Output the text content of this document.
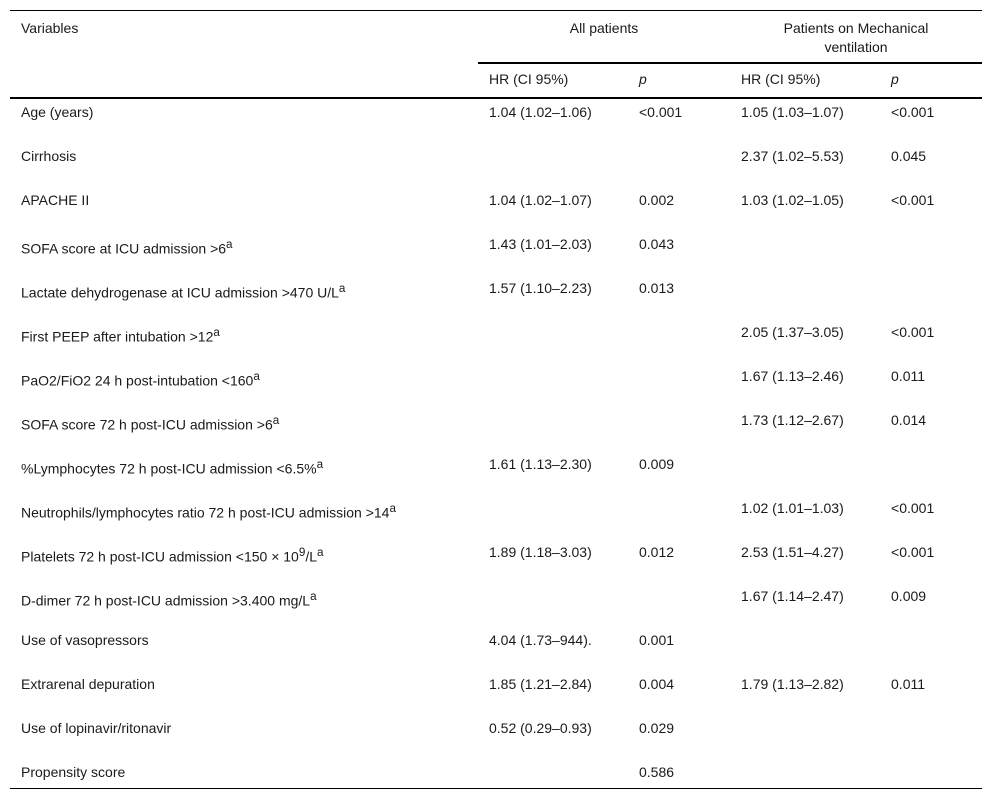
Variables	All patients		Patients on Mechanical ventilation	
	HR (CI 95%)	p	HR (CI 95%)	p
Age (years)	1.04 (1.02–1.06)	<0.001	1.05 (1.03–1.07)	<0.001
Cirrhosis			2.37 (1.02–5.53)	0.045
APACHE II	1.04 (1.02–1.07)	0.002	1.03 (1.02–1.05)	<0.001
SOFA score at ICU admission $>6^a$	1.43 (1.01–2.03)	0.043		
Lactate dehydrogenase at ICU admission >470 $U/L^a$	1.57 (1.10–2.23)	0.013		
First PEEP after intubation $>12^a$			2.05 (1.37–3.05)	<0.001
PaO2/FiO2 24 h post-intubation $<160^a$			1.67 (1.13–2.46)	0.011
SOFA score 72 h post-ICU admission $>6^a$			1.73 (1.12–2.67)	0.014
%Lymphocytes 72 h post-ICU admission <6.5%$^a$	1.61 (1.13–2.30)	0.009		
Neutrophils/lymphocytes ratio 72 h post-ICU admission $>14^a$			1.02 (1.01–1.03)	<0.001
Platelets 72 h post-ICU admission $<150 \times 10^9/L^a$	1.89 (1.18–3.03)	0.012	2.53 (1.51–4.27)	<0.001
D-dimer 72 h post-ICU admission >3.400 $mg/L^a$			1.67 (1.14–2.47)	0.009
Use of vasopressors	4.04 (1.73–944).	0.001		
Extrarenal depuration	1.85 (1.21–2.84)	0.004	1.79 (1.13–2.82)	0.011
Use of lopinavir/ritonavir	0.52 (0.29–0.93)	0.029		
Propensity score		0.586		
